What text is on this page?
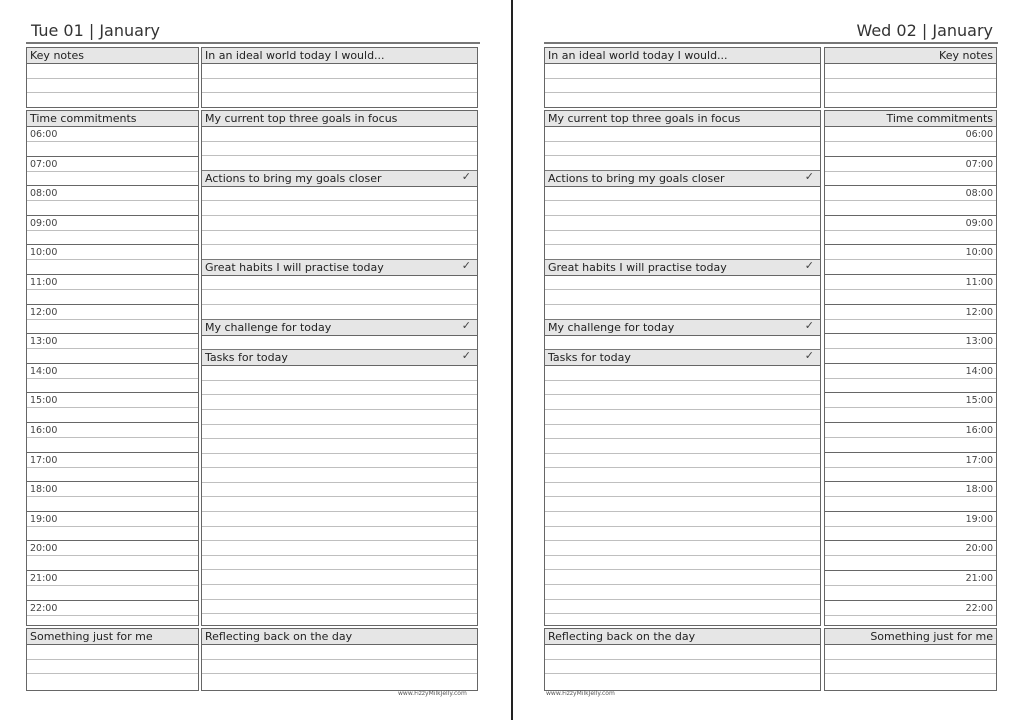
Tue 01 | January
Key notes
Time commitments
06:00
07:00
08:00
09:00
10:00
11:00
12:00
13:00
14:00
15:00
16:00
17:00
18:00
19:00
20:00
21:00
22:00
Something just for me
In an ideal world today I would...
My current top three goals in focus
Actions to bring my goals closer	✓
Great habits I will practise today	✓
My challenge for today	✓
Tasks for today	✓
Reflecting back on the day
www.FizzyMilkJelly.com
Wed 02 | January
In an ideal world today I would...
My current top three goals in focus
Actions to bring my goals closer	✓
Great habits I will practise today	✓
My challenge for today	✓
Tasks for today	✓
Reflecting back on the day
Key notes
Time commitments
06:00
07:00
08:00
09:00
10:00
11:00
12:00
13:00
14:00
15:00
16:00
17:00
18:00
19:00
20:00
21:00
22:00
Something just for me
www.FizzyMilkJelly.com
